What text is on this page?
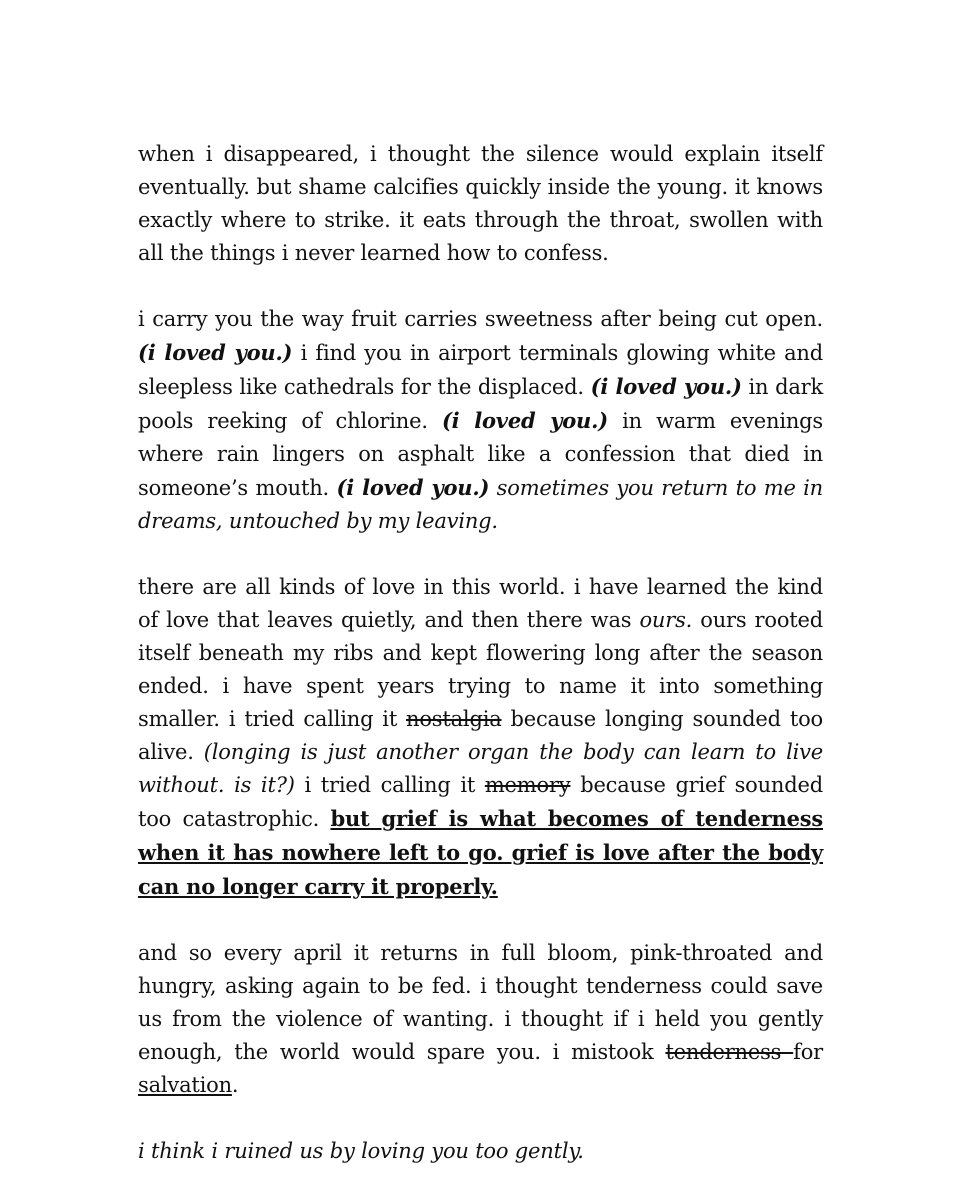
when i disappeared, i thought the silence would explain itself eventually. but shame calcifies quickly inside the young. it knows exactly where to strike. it eats through the throat, swollen with all the things i never learned how to confess.

i carry you the way fruit carries sweetness after being cut open. (i loved you.) i find you in airport terminals glowing white and sleepless like cathedrals for the displaced. (i loved you.) in dark pools reeking of chlorine. (i loved you.) in warm evenings where rain lingers on asphalt like a confession that died in someone’s mouth. (i loved you.) sometimes you return to me in dreams, untouched by my leaving.

there are all kinds of love in this world. i have learned the kind of love that leaves quietly, and then there was ours. ours rooted itself beneath my ribs and kept flowering long after the season ended. i have spent years trying to name it into something smaller. i tried calling it nostalgia because longing sounded too alive. (longing is just another organ the body can learn to live without. is it?) i tried calling it memory because grief sounded too catastrophic. but grief is what becomes of tenderness when it has nowhere left to go. grief is love after the body can no longer carry it properly.

and so every april it returns in full bloom, pink-throated and hungry, asking again to be fed. i thought tenderness could save us from the violence of wanting. i thought if i held you gently enough, the world would spare you. i mistook tenderness for salvation.

i think i ruined us by loving you too gently.
